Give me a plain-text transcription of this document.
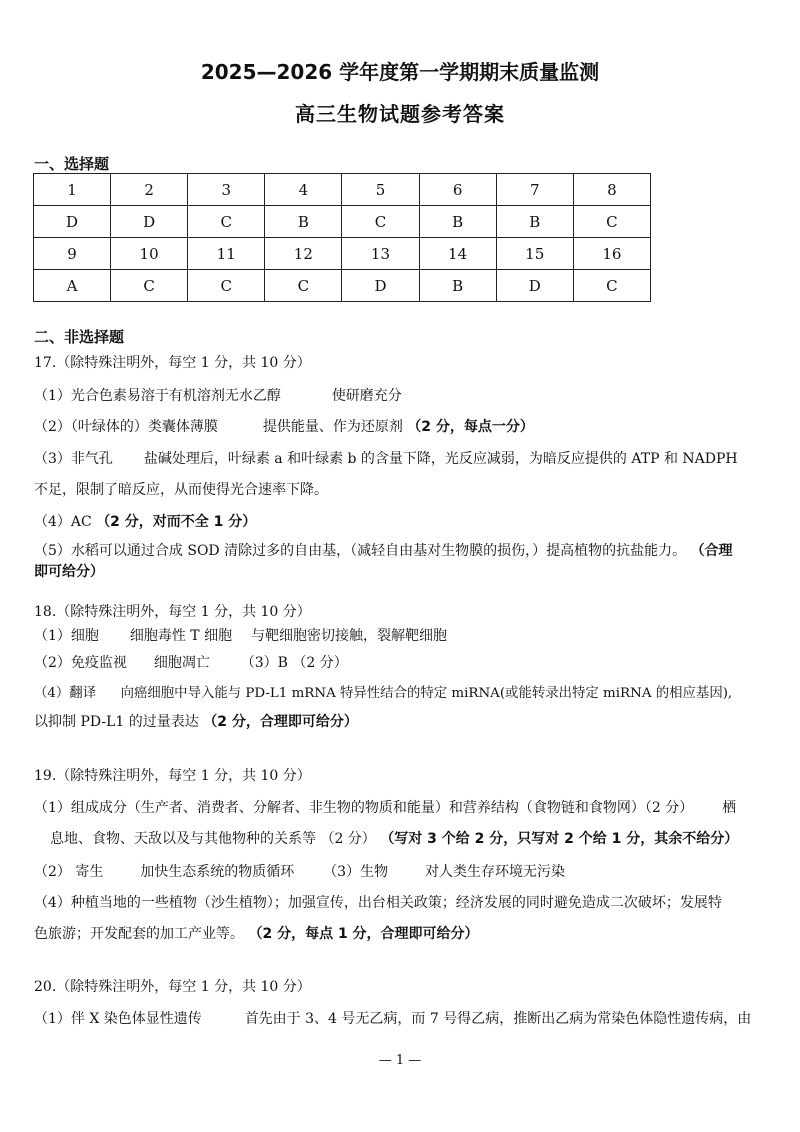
2025—2026 学年度第一学期期末质量监测
高三生物试题参考答案
一、选择题
1	2	3	4	5	6	7	8
D	D	C	B	C	B	B	C
9	10	11	12	13	14	15	16
A	C	C	C	D	B	D	C
二、非选择题
17.（除特殊注明外，每空 1 分，共 10 分）
（1）光合色素易溶于有机溶剂无水乙醇	使研磨充分
（2）（叶绿体的）类囊体薄膜	提供能量、作为还原剂 （2 分，每点一分）
（3）非气孔 盐碱处理后，叶绿素 a 和叶绿素 b 的含量下降，光反应减弱，为暗反应提供的 ATP 和 NADPH
不足，限制了暗反应，从而使得光合速率下降。
（4）AC （2 分，对而不全 1 分）
（5）水稻可以通过合成 SOD 清除过多的自由基，（减轻自由基对生物膜的损伤，）提高植物的抗盐能力。 （合理
即可给分）
18.（除特殊注明外，每空 1 分，共 10 分）
（1）细胞 细胞毒性 T 细胞 与靶细胞密切接触，裂解靶细胞
（2）免疫监视 细胞凋亡 （3）B （2 分）
（4）翻译 向癌细胞中导入能与 PD-L1 mRNA 特异性结合的特定 miRNA(或能转录出特定 miRNA 的相应基因),
以抑制 PD-L1 的过量表达 （2 分，合理即可给分）
19.（除特殊注明外，每空 1 分，共 10 分）
（1）组成成分（生产者、消费者、分解者、非生物的物质和能量）和营养结构（食物链和食物网）（2 分） 栖
息地、食物、天敌以及与其他物种的关系等 （2 分） （写对 3 个给 2 分，只写对 2 个给 1 分，其余不给分）
（2） 寄生	加快生态系统的物质循环 （3）生物	对人类生存环境无污染
（4）种植当地的一些植物（沙生植物）；加强宣传，出台相关政策；经济发展的同时避免造成二次破坏；发展特
色旅游；开发配套的加工产业等。 （2 分，每点 1 分，合理即可给分）
20.（除特殊注明外，每空 1 分，共 10 分）
（1）伴 X 染色体显性遗传	首先由于 3、4 号无乙病，而 7 号得乙病，推断出乙病为常染色体隐性遗传病，由
— 1 —
